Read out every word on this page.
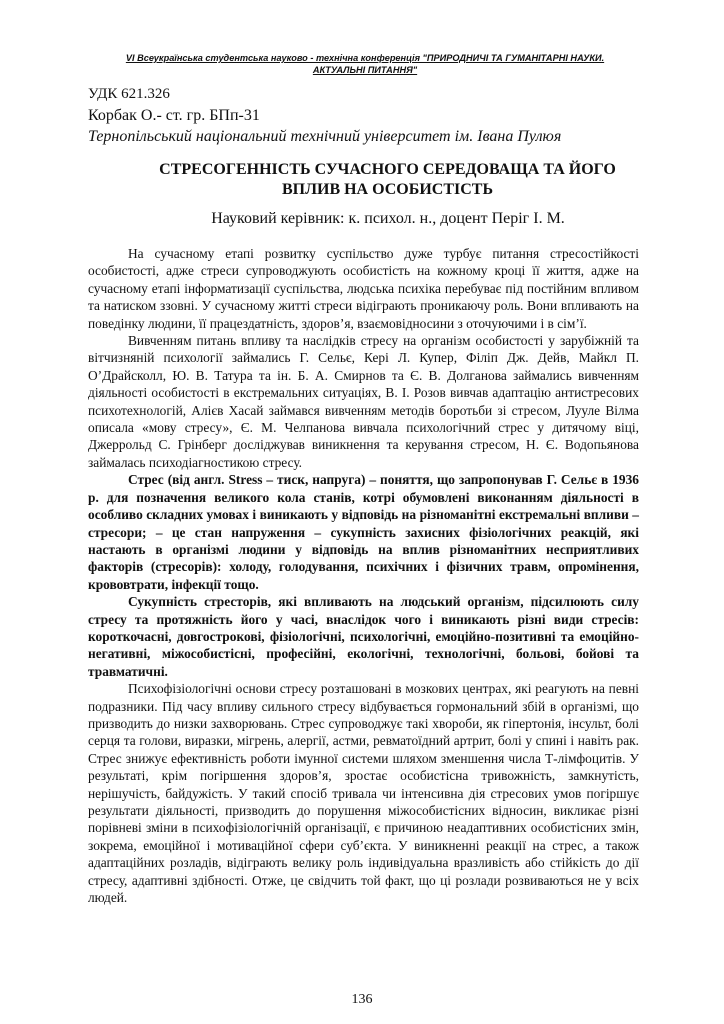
VI Всеукраїнська студентська науково - технічна конференція "ПРИРОДНИЧІ ТА ГУМАНІТАРНІ НАУКИ.
АКТУАЛЬНІ ПИТАННЯ"
УДК 621.326
Корбак О.- ст. гр. БПп-31
Тернопільський національний технічний університет ім. Івана Пулюя
СТРЕСОГЕННІСТЬ СУЧАСНОГО СЕРЕДОВАЩА ТА ЙОГО
ВПЛИВ НА ОСОБИСТІСТЬ
Науковий керівник: к. психол. н., доцент Періг І. М.

На сучасному етапі розвитку суспільство дуже турбує питання стресостійкості особистості, адже стреси супроводжують особистість на кожному кроці її життя, адже на сучасному етапі інформатизації суспільства, людська психіка перебуває під постійним впливом та натиском ззовні. У сучасному житті стреси відіграють проникаючу роль. Вони впливають на поведінку людини, її працездатність, здоров’я, взаємовідносини з оточуючими і в сім’ї.

Вивченням питань впливу та наслідків стресу на організм особистості у зарубіжній та вітчизняній психології займались Г. Сельє, Кері Л. Купер, Філіп Дж. Дейв, Майкл П. О’Драйсколл, Ю. В. Татура та ін. Б. А. Смирнов та Є. В. Долганова займались вивченням діяльності особистості в екстремальних ситуаціях, В. І. Розов вивчав адаптацію антистресових психотехнологій, Алієв Хасай займався вивченням методів боротьби зі стресом, Лууле Вілма описала «мову стресу», Є. М. Челпанова вивчала психологічний стрес у дитячому віці, Джеррольд С. Грінберг досліджував виникнення та керування стресом, Н. Є. Водопьянова займалась психодіагностикою стресу.

Стрес (від англ. Stress – тиск, напруга) – поняття, що запропонував Г. Сельє в 1936 р. для позначення великого кола станів, котрі обумовлені виконанням діяльності в особливо складних умовах і виникають у відповідь на різноманітні екстремальні впливи – стресори; – це стан напруження – сукупність захисних фізіологічних реакцій, які настають в організмі людини у відповідь на вплив різноманітних несприятливих факторів (стресорів): холоду, голодування, психічних і фізичних травм, опромінення, крововтрати, інфекції тощо.

Сукупність стресторів, які впливають на людський організм, підсилюють силу стресу та протяжність його у часі, внаслідок чого і виникають різні види стресів: короткочасні, довгострокові, фізіологічні, психологічні, емоційно-позитивні та емоційно-негативні, міжособистісні, професійні, екологічні, технологічні, больові, бойові та травматичні.

Психофізіологічні основи стресу розташовані в мозкових центрах, які реагують на певні подразники. Під часу впливу сильного стресу відбувається гормональний збій в організмі, що призводить до низки захворювань. Стрес супроводжує такі хвороби, як гіпертонія, інсульт, болі серця та голови, виразки, мігрень, алергії, астми, ревматоїдний артрит, болі у спині і навіть рак. Стрес знижує ефективність роботи імунної системи шляхом зменшення числа Т-лімфоцитів. У результаті, крім погіршення здоров’я, зростає особистісна тривожність, замкнутість, нерішучість, байдужість. У такий спосіб тривала чи інтенсивна дія стресових умов погіршує результати діяльності, призводить до порушення міжособистісних відносин, викликає різні порівневі зміни в психофізіологічній організації, є причиною неадаптивних особистісних змін, зокрема, емоційної і мотиваційної сфери суб’єкта. У виникненні реакції на стрес, а також адаптаційних розладів, відіграють велику роль індивідуальна вразливість або стійкість до дії стресу, адаптивні здібності. Отже, це свідчить той факт, що ці розлади розвиваються не у всіх людей.

136
